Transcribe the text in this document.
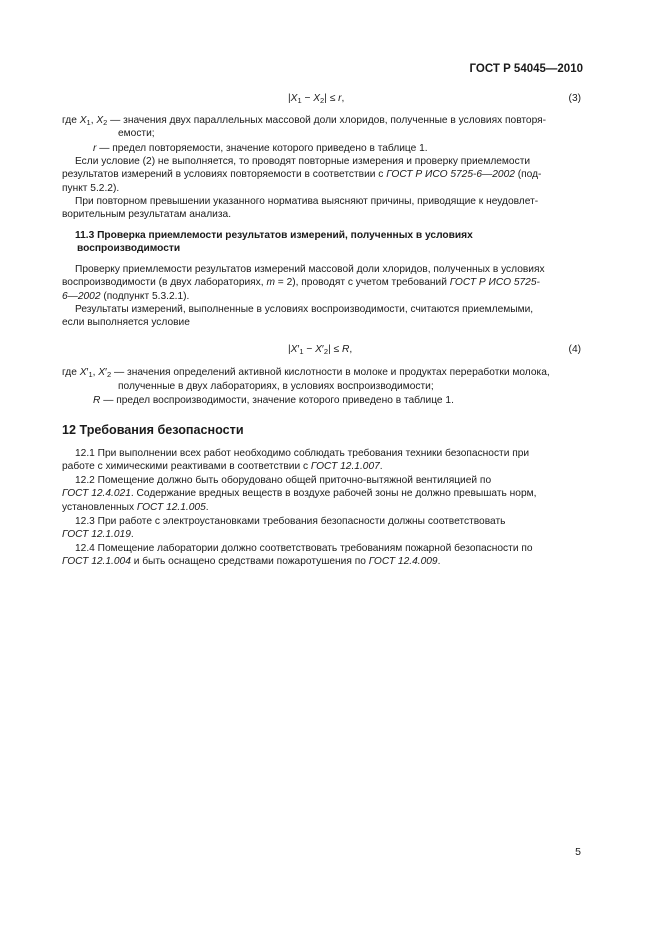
ГОСТ Р 54045—2010
$|X_1 - X_2| \le r$,	(3)

где $X_1$, $X_2$ — значения двух параллельных массовой доли хлоридов, полученные в условиях повторя-

емости;

r — предел повторяемости, значение которого приведено в таблице 1.

Если условие (2) не выполняется, то проводят повторные измерения и проверку приемлемости
результатов измерений в условиях повторяемости в соответствии с ГОСТ Р ИСО 5725-6—2002 (под-
пункт 5.2.2).
При повторном превышении указанного норматива выясняют причины, приводящие к неудовлет-
ворительным результатам анализа.
11.3 Проверка приемлемости результатов измерений, полученных в условиях
воспроизводимости
Проверку приемлемости результатов измерений массовой доли хлоридов, полученных в условиях
воспроизводимости (в двух лабораториях, m = 2), проводят с учетом требований ГОСТ Р ИСО 5725-
6—2002 (подпункт 5.3.2.1).
Результаты измерений, выполненные в условиях воспроизводимости, считаются приемлемыми,
если выполняется условие
$|X'_1 - X'_2| \le R$,	(4)

где $X'_1$, $X'_2$ — значения определений активной кислотности в молоке и продуктах переработки молока,

полученные в двух лабораториях, в условиях воспроизводимости;

R — предел воспроизводимости, значение которого приведено в таблице 1.

12 Требования безопасности

12.1 При выполнении всех работ необходимо соблюдать требования техники безопасности при
работе с химическими реактивами в соответствии с ГОСТ 12.1.007.
12.2 Помещение должно быть оборудовано общей приточно-вытяжной вентиляцией по
ГОСТ 12.4.021. Содержание вредных веществ в воздухе рабочей зоны не должно превышать норм,
установленных ГОСТ 12.1.005.
12.3 При работе с электроустановками требования безопасности должны соответствовать
ГОСТ 12.1.019.
12.4 Помещение лаборатории должно соответствовать требованиям пожарной безопасности по
ГОСТ 12.1.004 и быть оснащено средствами пожаротушения по ГОСТ 12.4.009.
5
